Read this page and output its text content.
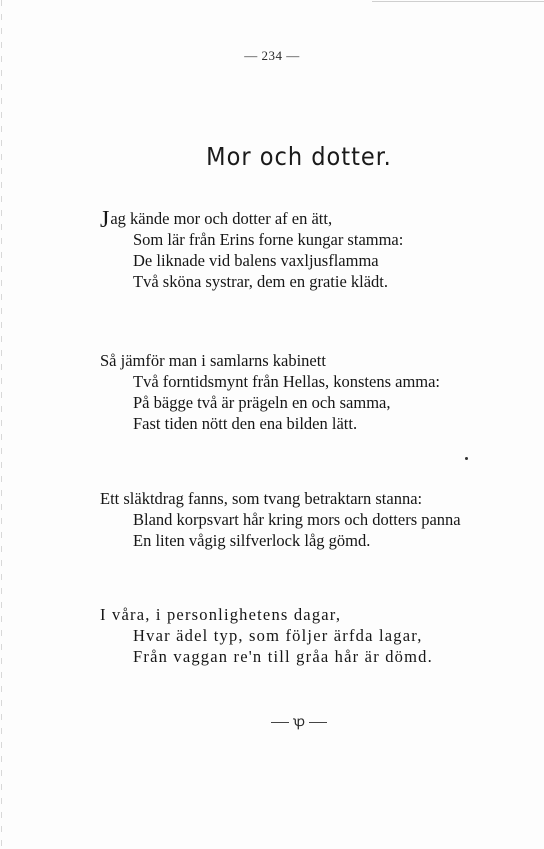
— 234 —
Mor och dotter.
Jag kände mor och dotter af en ätt,
Som lär från Erins forne kungar stamma:
De liknade vid balens vaxljusflamma
Två sköna systrar, dem en gratie klädt.
Så jämför man i samlarns kabinett
Två forntidsmynt från Hellas, konstens amma:
På bägge två är prägeln en och samma,
Fast tiden nött den ena bilden lätt.
Ett släktdrag fanns, som tvang betraktarn stanna:
Bland korpsvart hår kring mors och dotters panna
En liten vågig silfverlock låg gömd.
I våra, i personlighetens dagar,
Hvar ädel typ, som följer ärfda lagar,
Från vaggan re'n till gråa hår är dömd.
ꝕ
